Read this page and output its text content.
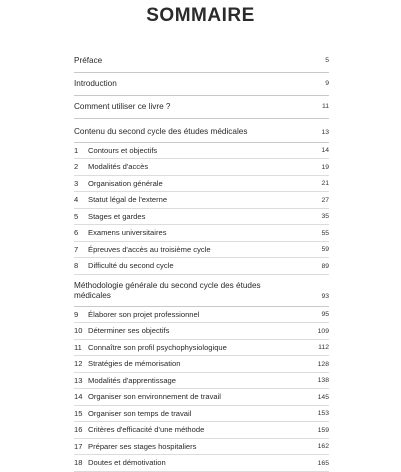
SOMMAIRE
Préface	5
Introduction	9
Comment utiliser ce livre ?	11
Contenu du second cycle des études médicales	13
1	Contours et objectifs	14
2	Modalités d'accès	19
3	Organisation générale	21
4	Statut légal de l'externe	27
5	Stages et gardes	35
6	Examens universitaires	55
7	Épreuves d'accès au troisième cycle	59
8	Difficulté du second cycle	89
Méthodologie générale du second cycle des études médicales	93
9	Élaborer son projet professionnel	95
10 Déterminer ses objectifs	109
11 Connaître son profil psychophysiologique	112
12 Stratégies de mémorisation	128
13 Modalités d'apprentissage	138
14 Organiser son environnement de travail	145
15 Organiser son temps de travail	153
16 Critères d'efficacité d'une méthode	159
17 Préparer ses stages hospitaliers	162
18 Doutes et démotivation	165
